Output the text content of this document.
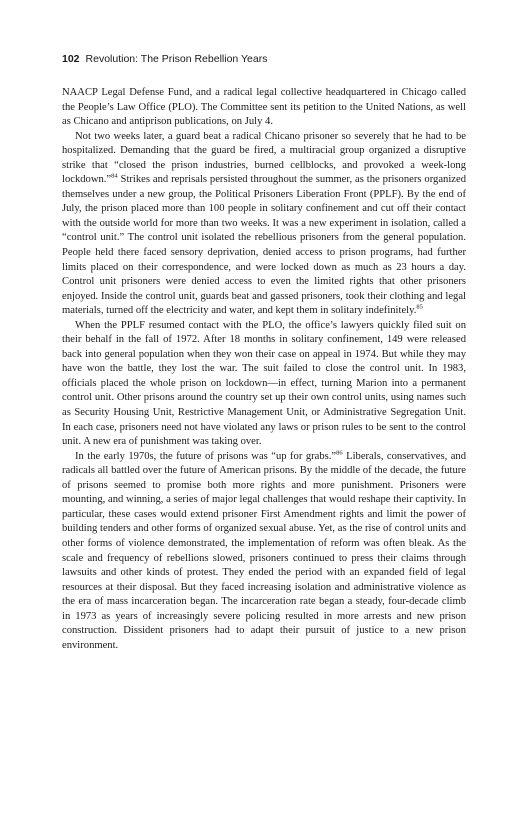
102 Revolution: The Prison Rebellion Years

NAACP Legal Defense Fund, and a radical legal collective headquartered in Chicago called the People’s Law Office (PLO). The Committee sent its petition to the United Nations, as well as Chicano and antiprison publications, on July 4.

Not two weeks later, a guard beat a radical Chicano prisoner so severely that he had to be hospitalized. Demanding that the guard be fired, a multiracial group organized a disruptive strike that “closed the prison industries, burned cellblocks, and provoked a week-long lockdown.”$^{84}$ Strikes and reprisals persisted throughout the summer, as the prisoners organized themselves under a new group, the Political Prisoners Liberation Front (PPLF). By the end of July, the prison placed more than 100 people in solitary confinement and cut off their contact with the outside world for more than two weeks. It was a new experiment in isolation, called a “control unit.” The control unit isolated the rebellious prisoners from the general population. People held there faced sensory deprivation, denied access to prison programs, had further limits placed on their correspondence, and were locked down as much as 23 hours a day. Control unit prisoners were denied access to even the limited rights that other prisoners enjoyed. Inside the control unit, guards beat and gassed prisoners, took their clothing and legal materials, turned off the electricity and water, and kept them in solitary indefinitely.$^{85}$

When the PPLF resumed contact with the PLO, the office’s lawyers quickly filed suit on their behalf in the fall of 1972. After 18 months in solitary confinement, 149 were released back into general population when they won their case on appeal in 1974. But while they may have won the battle, they lost the war. The suit failed to close the control unit. In 1983, officials placed the whole prison on lockdown—in effect, turning Marion into a permanent control unit. Other prisons around the country set up their own control units, using names such as Security Housing Unit, Restrictive Management Unit, or Administrative Segregation Unit. In each case, prisoners need not have violated any laws or prison rules to be sent to the control unit. A new era of punishment was taking over.

In the early 1970s, the future of prisons was “up for grabs.”$^{86}$ Liberals, conservatives, and radicals all battled over the future of American prisons. By the middle of the decade, the future of prisons seemed to promise both more rights and more punishment. Prisoners were mounting, and winning, a series of major legal challenges that would reshape their captivity. In particular, these cases would extend prisoner First Amendment rights and limit the power of building tenders and other forms of organized sexual abuse. Yet, as the rise of control units and other forms of violence demonstrated, the implementation of reform was often bleak. As the scale and frequency of rebellions slowed, prisoners continued to press their claims through lawsuits and other kinds of protest. They ended the period with an expanded field of legal resources at their disposal. But they faced increasing isolation and administrative violence as the era of mass incarceration began. The incarceration rate began a steady, four-decade climb in 1973 as years of increasingly severe policing resulted in more arrests and new prison construction. Dissident prisoners had to adapt their pursuit of justice to a new prison environment.
